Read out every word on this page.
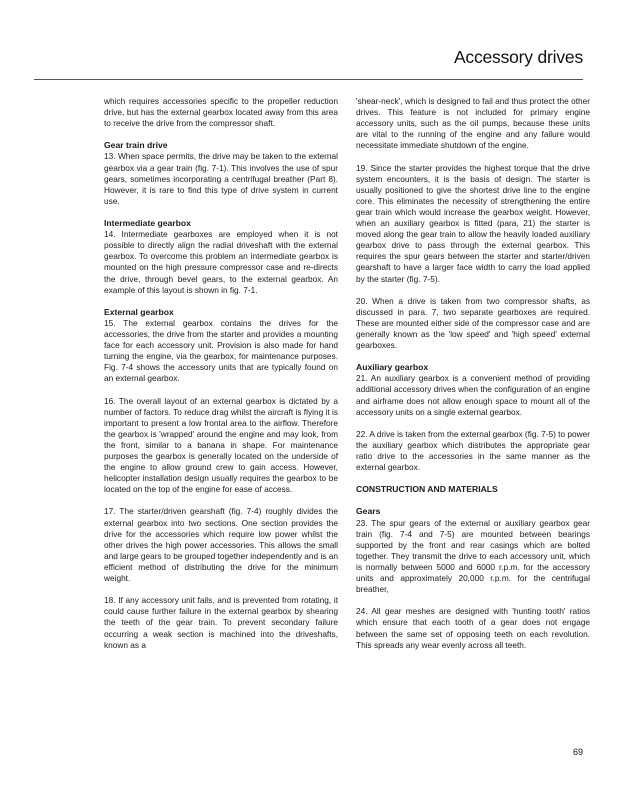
Accessory drives

which requires accessories specific to the propeller reduction drive, but has the external gearbox located away from this area to receive the drive from the compressor shaft.

Gear train drive

13. When space permits, the drive may be taken to the external gearbox via a gear train (fig. 7-1). This involves the use of spur gears, sometimes incorporating a centrifugal breather (Part 8). However, it is rare to find this type of drive system in current use.

Intermediate gearbox

14. Intermediate gearboxes are employed when it is not possible to directly align the radial driveshaft with the external gearbox. To overcome this problem an intermediate gearbox is mounted on the high pressure compressor case and re-directs the drive, through bevel gears, to the external gearbox. An example of this layout is shown in fig. 7-1.

External gearbox

15. The external gearbox contains the drives for the accessories, the drive from the starter and provides a mounting face for each accessory unit. Provision is also made for hand turning the engine, via the gearbox, for maintenance purposes. Fig. 7-4 shows the accessory units that are typically found on an external gearbox.

16. The overall layout of an external gearbox is dictated by a number of factors. To reduce drag whilst the aircraft is flying it is important to present a low frontal area to the airflow. Therefore the gearbox is 'wrapped' around the engine and may look, from the front, similar to a banana in shape. For maintenance purposes the gearbox is generally located on the underside of the engine to allow ground crew to gain access. However, helicopter installation design usually requires the gearbox to be located on the top of the engine for ease of access.

17. The starter/driven gearshaft (fig. 7-4) roughly divides the external gearbox into two sections. One section provides the drive for the accessories which require low power whilst the other drives the high power accessories. This allows the small and large gears to be grouped together independently and is an efficient method of distributing the drive for the minimum weight.

18. If any accessory unit fails, and is prevented from rotating, it could cause further failure in the external gearbox by shearing the teeth of the gear train. To prevent secondary failure occurring a weak section is machined into the driveshafts, known as a

'shear-neck', which is designed to fail and thus protect the other drives. This feature is not included for primary engine accessory units, such as the oil pumps, because these units are vital to the running of the engine and any failure would necessitate immediate shutdown of the engine.

19. Since the starter provides the highest torque that the drive system encounters, it is the basis of design. The starter is usually positioned to give the shortest drive line to the engine core. This eliminates the necessity of strengthening the entire gear train which would increase the gearbox weight. However, when an auxiliary gearbox is fitted (para, 21) the starter is moved along the gear train to allow the heavily loaded auxiliary gearbox drive to pass through the external gearbox. This requires the spur gears between the starter and starter/driven gearshaft to have a larger face width to carry the load applied by the starter (fig. 7-5).

20. When a drive is taken from two compressor shafts, as discussed in para. 7, two separate gearboxes are required. These are mounted either side of the compressor case and are generally known as the 'low speed' and 'high speed' external gearboxes.

Auxiliary gearbox

21. An auxiliary gearbox is a convenient method of providing additional accessory drives when the configuration of an engine and airframe does not allow enough space to mount all of the accessory units on a single external gearbox.

22. A drive is taken from the external gearbox (fig. 7-5) to power the auxiliary gearbox which distributes the appropriate gear ratio drive to the accessories in the same manner as the external gearbox.

CONSTRUCTION AND MATERIALS
Gears

23. The spur gears of the external or auxiliary gearbox gear train (fig. 7-4 and 7-5) are mounted between bearings supported by the front and rear casings which are bolted together. They transmit the drive to each accessory unit, which is normally between 5000 and 6000 r.p.m. for the accessory units and approximately 20,000 r.p.m. for the centrifugal breather,

24. All gear meshes are designed with 'hunting tooth' ratios which ensure that each tooth of a gear does not engage between the same set of opposing teeth on each revolution. This spreads any wear evenly across all teeth.

69
